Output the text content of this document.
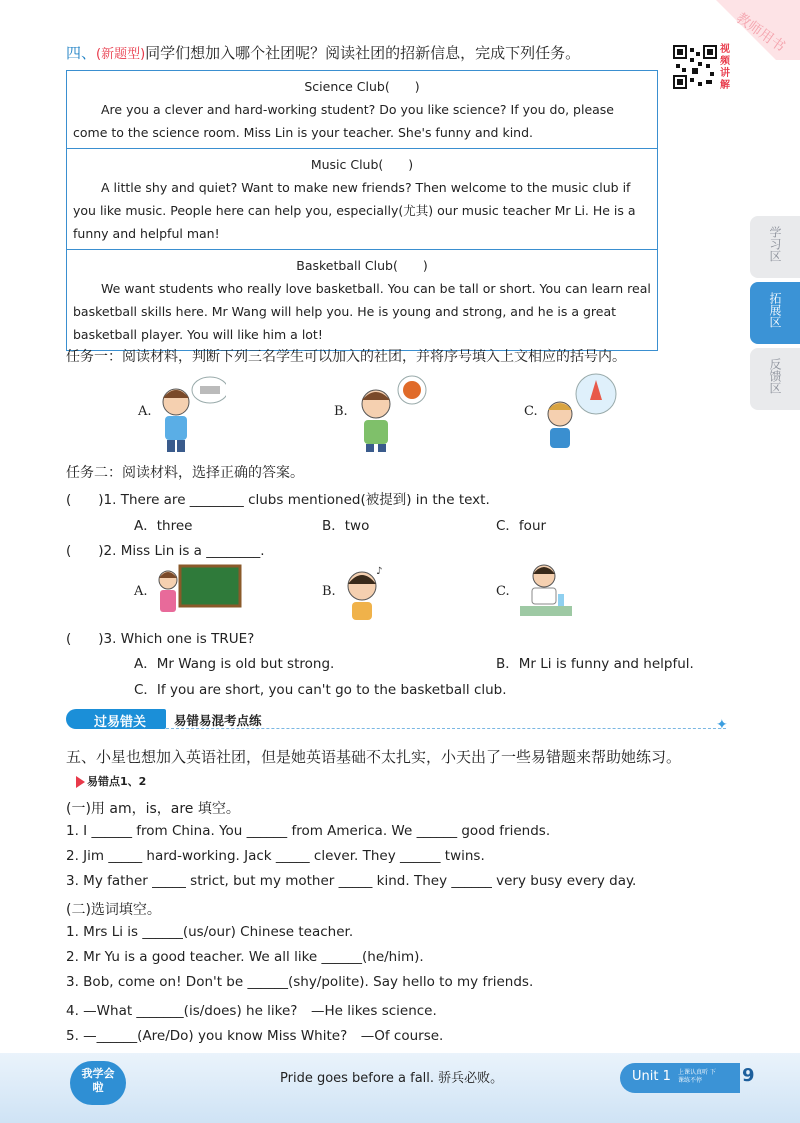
教师用书
视频讲解
学习区
拓展区
反馈区
四、(新题型)同学们想加入哪个社团呢？阅读社团的招新信息，完成下列任务。
Science Club(　　)
Are you a clever and hard-working student? Do you like science? If you do, please come to the science room. Miss Lin is your teacher. She's funny and kind.
Music Club(　　)
A little shy and quiet? Want to make new friends? Then welcome to the music club if you like music. People here can help you, especially(尤其) our music teacher Mr Li. He is a funny and helpful man!
Basketball Club(　　)
We want students who really love basketball. You can be tall or short. You can learn real basketball skills here. Mr Wang will help you. He is young and strong, and he is a great basketball player. You will like him a lot!
任务一：阅读材料，判断下列三名学生可以加入的社团，并将序号填入上文相应的括号内。
A.	B.	C.
任务二：阅读材料，选择正确的答案。
(　　)1. There are ________ clubs mentioned(被提到) in the text.
A．three	B．two	C．four
(　　)2. Miss Lin is a ________.
A.	B.
♪
C.
(　　)3. Which one is TRUE?
A．Mr Wang is old but strong.	B．Mr Li is funny and helpful.
C．If you are short, you can't go to the basketball club.
过易错关 易错易混考点练	✦
五、小星也想加入英语社团，但是她英语基础不太扎实，小天出了一些易错题来帮助她练习。
易错点1、2
(一)用 am，is，are 填空。
1. I ______ from China. You ______ from America. We ______ good friends.
2. Jim _____ hard-working. Jack _____ clever. They ______ twins.
3. My father _____ strict, but my mother _____ kind. They ______ very busy every day.
(二)选词填空。
1. Mrs Li is ______(us/our) Chinese teacher.
2. Mr Yu is a good teacher. We all like ______(he/him).
3. Bob, come on! Don't be ______(shy/polite). Say hello to my friends.
4. —What _______(is/does) he like?　—He likes science.
5. —______(Are/Do) you know Miss White?　—Of course.
我学会啦
Pride goes before a fall. 骄兵必败。	Unit 1 上课认真听 下课练不停	9
